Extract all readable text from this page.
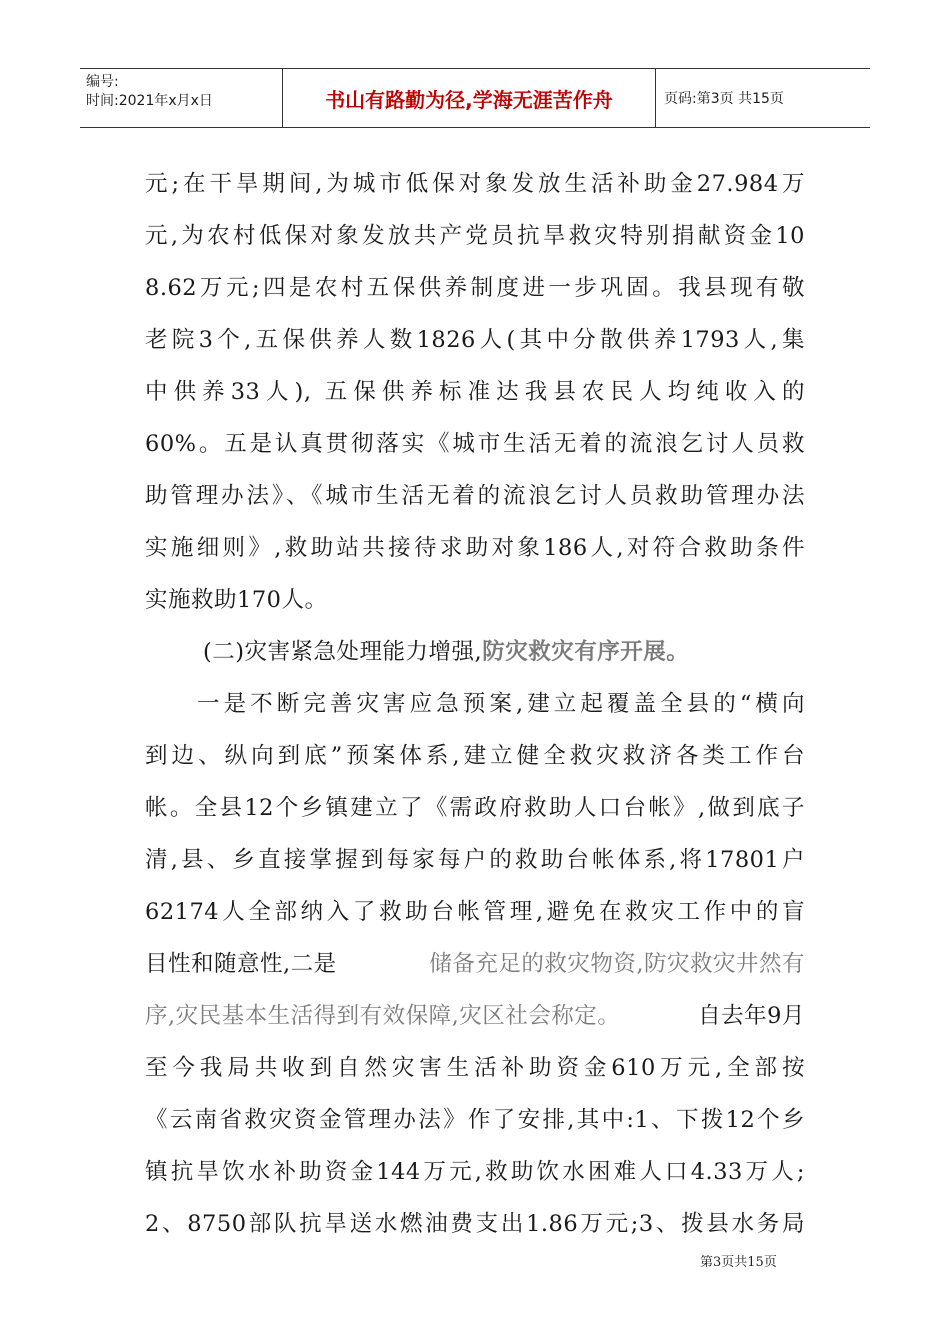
编号:
时间:2021年x月x日	书山有路勤为径,学海无涯苦作舟	页码:第3页 共15页
元;在干旱期间,为城市低保对象发放生活补助金27.984万
元,为农村低保对象发放共产党员抗旱救灾特别捐献资金10
8.62万元;四是农村五保供养制度进一步巩固。我县现有敬
老院3个,五保供养人数1826人(其中分散供养1793人,集
中供养33人), 五保供养标准达我县农民人均纯收入的
60%。五是认真贯彻落实《城市生活无着的流浪乞讨人员救
助管理办法》、《城市生活无着的流浪乞讨人员救助管理办法
实施细则》,救助站共接待求助对象186人,对符合救助条件
实施救助170人。
(二)灾害紧急处理能力增强,防灾救灾有序开展。
一是不断完善灾害应急预案,建立起覆盖全县的“横向
到边、纵向到底”预案体系,建立健全救灾救济各类工作台
帐。全县12个乡镇建立了《需政府救助人口台帐》,做到底子
清,县、乡直接掌握到每家每户的救助台帐体系,将17801户
62174人全部纳入了救助台帐管理,避免在救灾工作中的盲
目性和随意性,二是	储备充足的救灾物资,防灾救灾井然有
序,灾民基本生活得到有效保障,灾区社会称定。	自去年9月
至今我局共收到自然灾害生活补助资金610万元,全部按
《云南省救灾资金管理办法》作了安排,其中:1、下拨12个乡
镇抗旱饮水补助资金144万元,救助饮水困难人口4.33万人;
2、8750部队抗旱送水燃油费支出1.86万元;3、拨县水务局
第3页共15页
